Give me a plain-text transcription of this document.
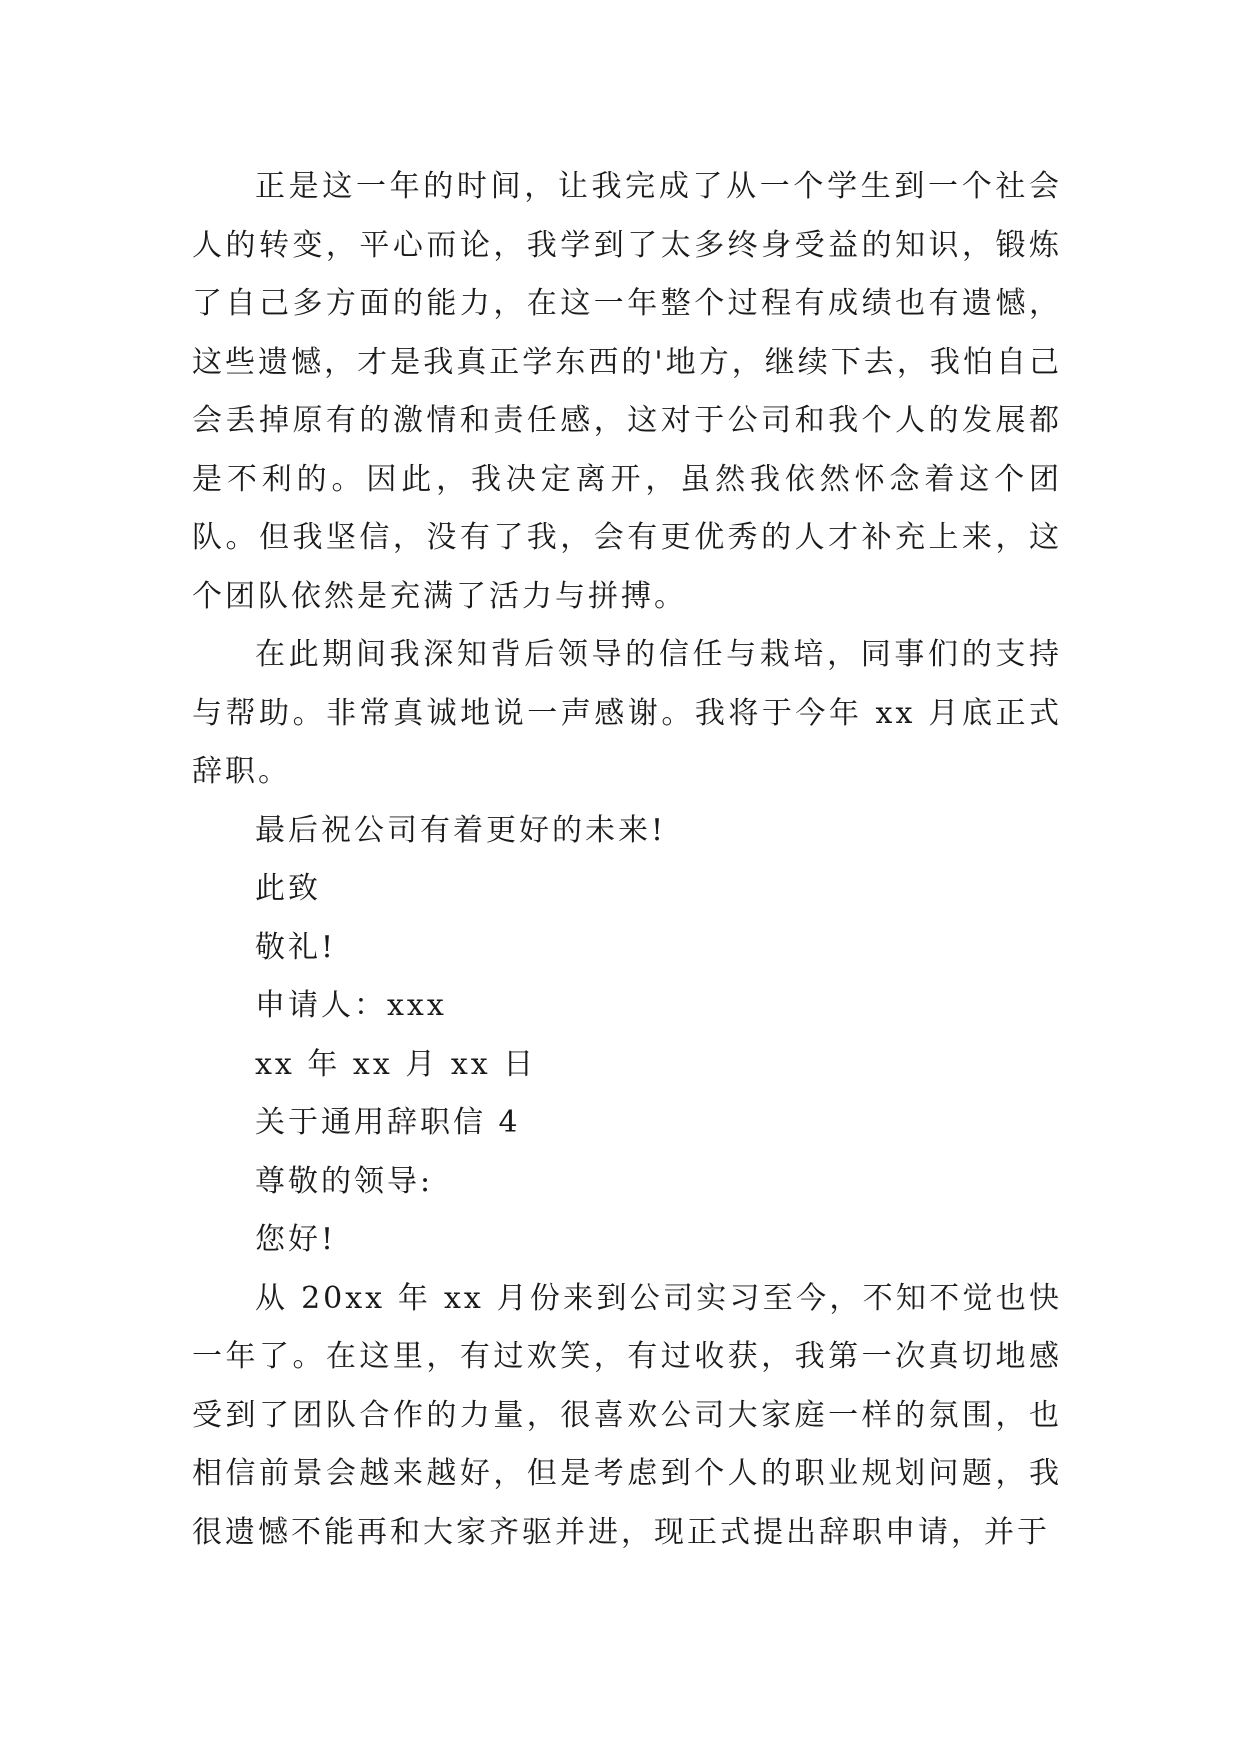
正是这一年的时间，让我完成了从一个学生到一个社会人的转变，平心而论，我学到了太多终身受益的知识，锻炼了自己多方面的能力，在这一年整个过程有成绩也有遗憾，这些遗憾，才是我真正学东西的'地方，继续下去，我怕自己会丢掉原有的激情和责任感，这对于公司和我个人的发展都是不利的。因此，我决定离开，虽然我依然怀念着这个团队。但我坚信，没有了我，会有更优秀的人才补充上来，这个团队依然是充满了活力与拼搏。

在此期间我深知背后领导的信任与栽培，同事们的支持与帮助。非常真诚地说一声感谢。我将于今年 xx 月底正式辞职。

最后祝公司有着更好的未来!

此致

敬礼!

申请人：xxx

xx 年 xx 月 xx 日

关于通用辞职信 4

尊敬的领导:

您好!

从 20xx 年 xx 月份来到公司实习至今，不知不觉也快一年了。在这里，有过欢笑，有过收获，我第一次真切地感受到了团队合作的力量，很喜欢公司大家庭一样的氛围，也相信前景会越来越好，但是考虑到个人的职业规划问题，我很遗憾不能再和大家齐驱并进，现正式提出辞职申请，并于
